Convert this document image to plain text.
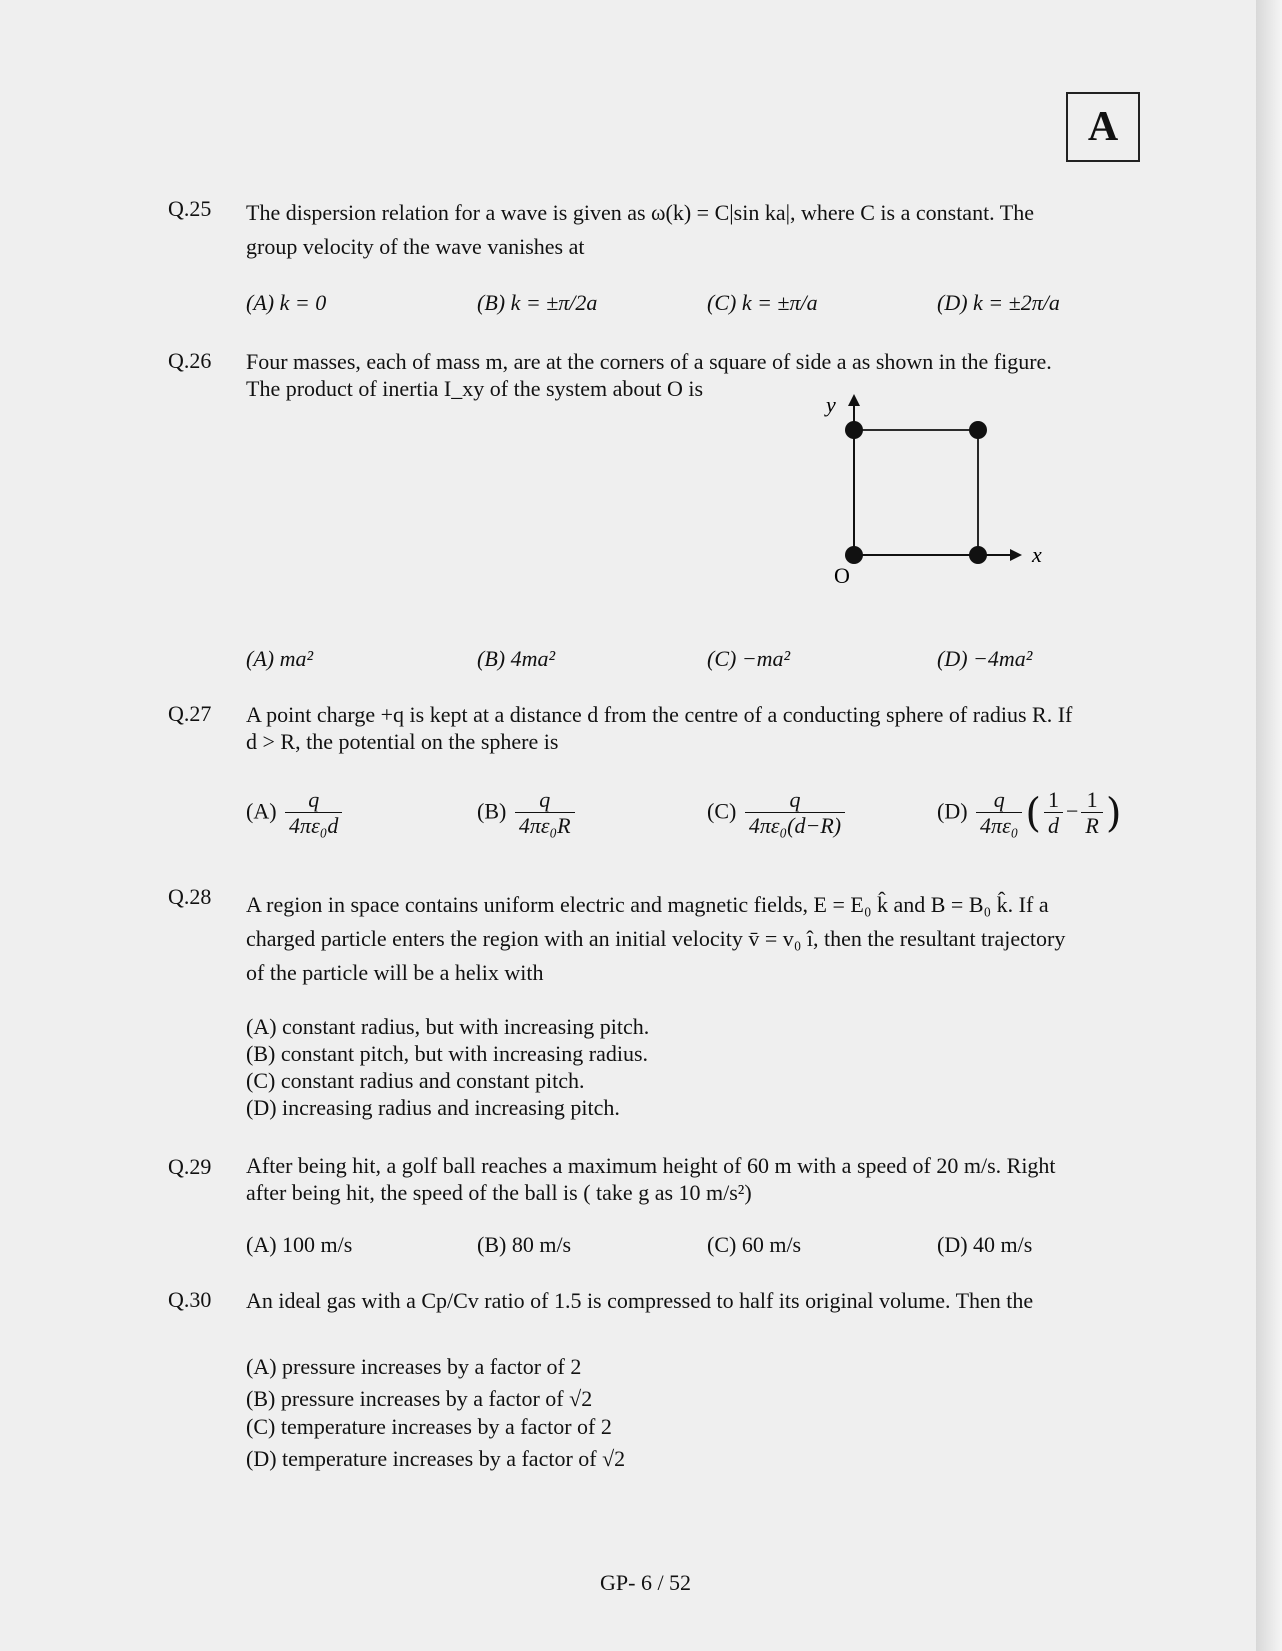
A
Q.25 The dispersion relation for a wave is given as ω(k) = C|sin ka|, where C is a constant. The
group velocity of the wave vanishes at
(A) k = 0	(B) k = ±π/2a	(C) k = ±π/a	(D) k = ±2π/a
Q.26 Four masses, each of mass m, are at the corners of a square of side a as shown in the figure.
The product of inertia I_xy of the system about O is
y
x
O
(A) ma²	(B) 4ma²	(C) −ma²	(D) −4ma²
Q.27 A point charge +q is kept at a distance d from the centre of a conducting sphere of radius R. If
d > R, the potential on the sphere is
$(A) \frac{q}{\text{4πε₀d}}$	$(B) \frac{q}{\text{4πε₀R}}$	$(C) \frac{q}{\text{4πε₀(d−R)}}$	$(D) \frac{q}{\text{4πε₀}}$ ( $\frac{1}{d} - \frac{1}{R}$ )
Q.28 A region in space contains uniform electric and magnetic fields, E = E₀ k̂ and B = B₀ k̂. If a
charged particle enters the region with an initial velocity v̄ = v₀ î, then the resultant trajectory
of the particle will be a helix with
(A) constant radius, but with increasing pitch.
(B) constant pitch, but with increasing radius.
(C) constant radius and constant pitch.
(D) increasing radius and increasing pitch.
Q.29 After being hit, a golf ball reaches a maximum height of 60 m with a speed of 20 m/s. Right
after being hit, the speed of the ball is ( take g as 10 m/s²)
(A) 100 m/s	(B) 80 m/s	(C) 60 m/s	(D) 40 m/s
Q.30 An ideal gas with a Cp/Cv ratio of 1.5 is compressed to half its original volume. Then the
(A) pressure increases by a factor of 2
(B) pressure increases by a factor of √2
(C) temperature increases by a factor of 2
(D) temperature increases by a factor of √2
GP- 6 / 52
